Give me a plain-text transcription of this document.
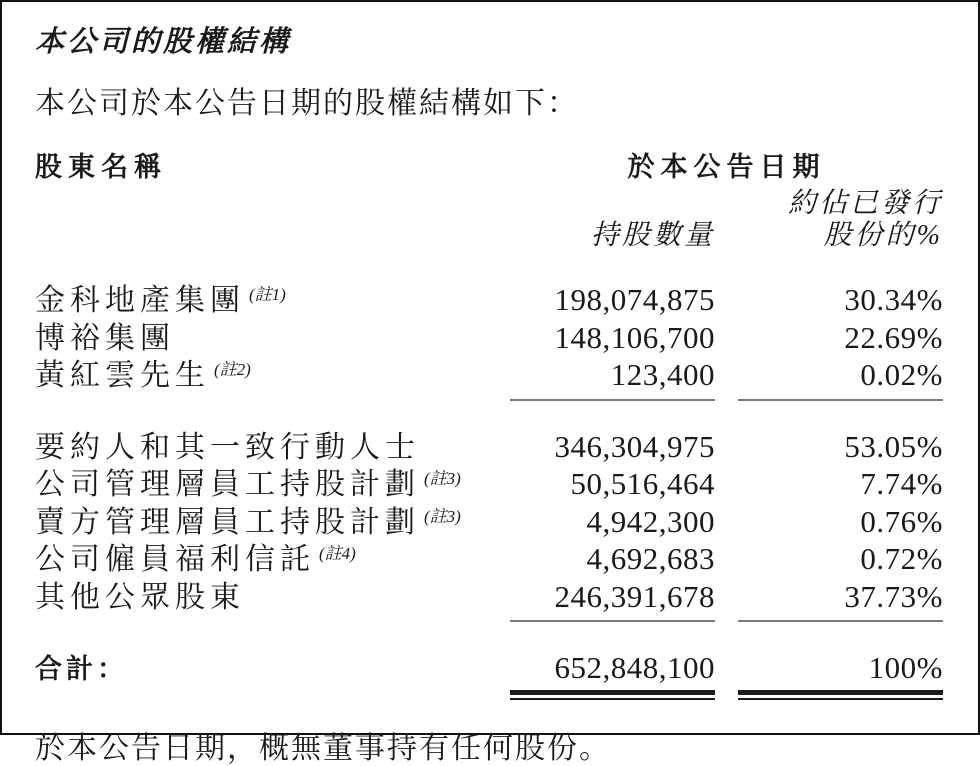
本公司的股權結構
本公司於本公告日期的股權結構如下：
股東名稱	於本公告日期
約佔已發行
持股數量	股份的%
金科地產集團 $^{(註1)}$	198,074,875	30.34%
博裕集團	148,106,700	22.69%
黃紅雲先生 $^{(註2)}$	123,400	0.02%
要約人和其一致行動人士	346,304,975	53.05%
公司管理層員工持股計劃 $^{(註3)}$	50,516,464	7.74%
賣方管理層員工持股計劃 $^{(註3)}$	4,942,300	0.76%
公司僱員福利信託 $^{(註4)}$	4,692,683	0.72%
其他公眾股東	246,391,678	37.73%
合計：	652,848,100	100%
於本公告日期，概無董事持有任何股份。
